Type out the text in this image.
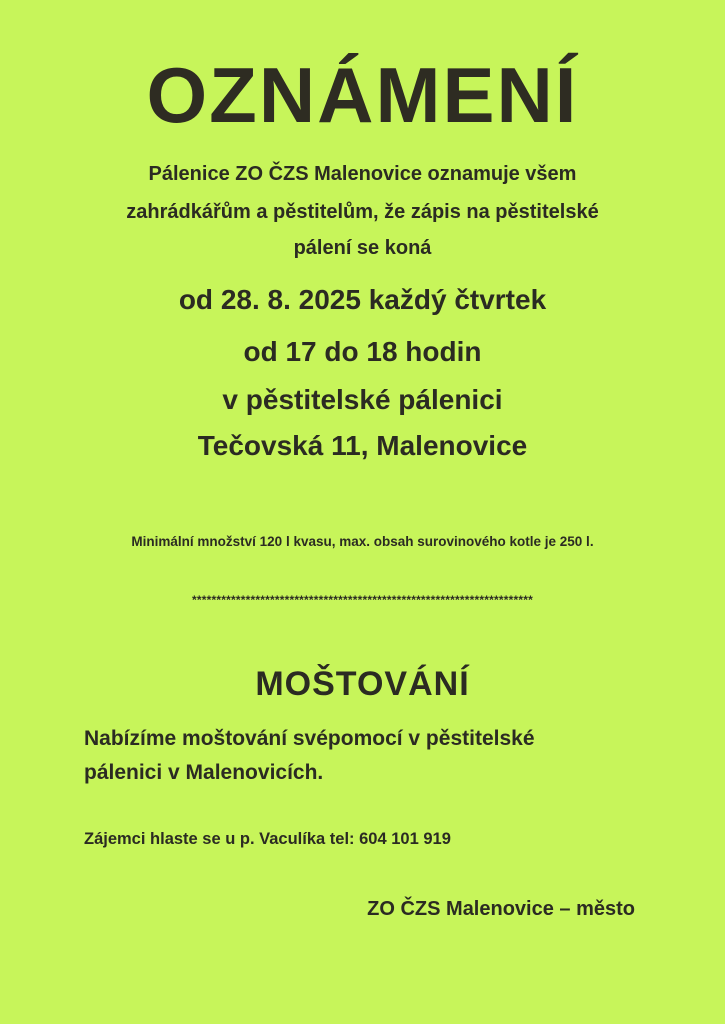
OZNÁMENÍ

Pálenice ZO ČZS Malenovice oznamuje všem

zahrádkářům a pěstitelům, že zápis na pěstitelské

pálení se koná

od 28. 8. 2025 každý čtvrtek

od 17 do 18 hodin

v pěstitelské pálenici

Tečovská 11, Malenovice

Minimální množství 120 l kvasu, max. obsah surovinového kotle je 250 l.

**********************************************************************

MOŠTOVÁNÍ

Nabízíme moštování svépomocí v pěstitelské

pálenici v Malenovicích.

Zájemci hlaste se u p. Vaculíka tel: 604 101 919

ZO ČZS Malenovice – město
